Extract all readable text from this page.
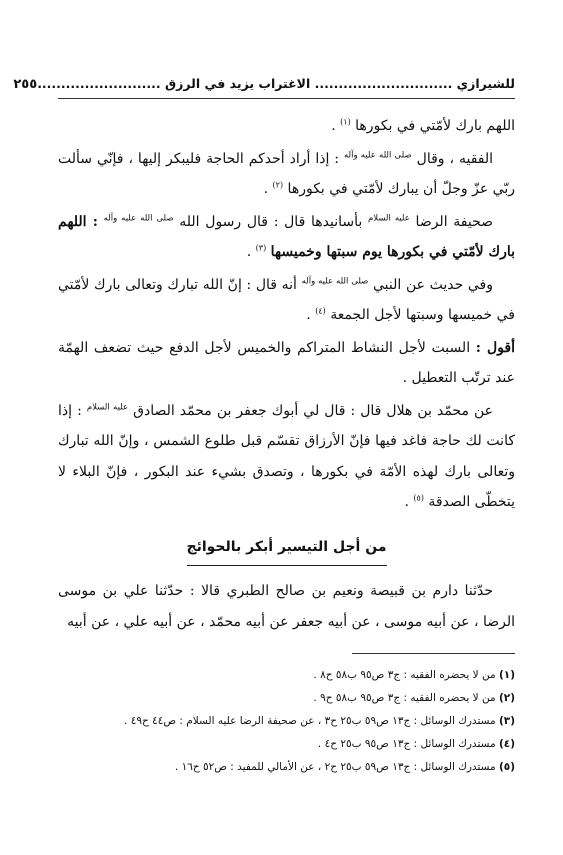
للشيرازي ............................. الاغتراب يزيد في الرزق ..........................
٢٥٥

اللهم بارك لأمّتي في بكورها $^{(١)}$ .

الفقيه ، وقال $^{صلى الله عليه وآله}$ : إذا أراد أحدكم الحاجة فليبكر إليها ، فإنّي سألت ربّي عزّ وجلّ أن يبارك لأمّتي في بكورها $^{(٢)}$ .

صحيفة الرضا $^{عليه السلام}$ بأسانيدها قال : قال رسول الله $^{صلى الله عليه وآله}$ : اللهم بارك لأمّتي في بكورها يوم سبتها وخميسها $^{(٣)}$ .

وفي حديث عن النبي $^{صلى الله عليه وآله}$ أنه قال : إنّ الله تبارك وتعالى بارك لأمّتي في خميسها وسبتها لأجل الجمعة $^{(٤)}$ .

أقول : السبت لأجل النشاط المتراكم والخميس لأجل الدفع حيث تضعف الهمّة عند ترتّب التعطيل .

عن محمّد بن هلال قال : قال لي أبوك جعفر بن محمّد الصادق $^{عليه السلام}$ : إذا كانت لك حاجة فاغد فيها فإنّ الأرزاق تقسّم قبل طلوع الشمس ، وإنّ الله تبارك وتعالى بارك لهذه الأمّة في بكورها ، وتصدق بشيء عند البكور ، فإنّ البلاء لا يتخطّى الصدقة $^{(٥)}$ .

من أجل التيسير أبكر بالحوائج

حدّثنا دارم بن قبيصة ونعيم بن صالح الطبري قالا : حدّثنا علي بن موسى الرضا ، عن أبيه موسى ، عن أبيه جعفر عن أبيه محمّد ، عن أبيه علي ، عن أبيه

(١) من لا يحضره الفقيه : ج٣ ص٩٥ ب٥٨ ح٨ .
(٢) من لا يحضره الفقيه : ج٣ ص٩٥ ب٥٨ ح٩ .
(٣) مستدرك الوسائل : ج١٣ ص٥٩ ب٢٥ ح٣ ، عن صحيفة الرضا عليه السلام : ص٤٤ ح٤٩ .
(٤) مستدرك الوسائل : ج١٣ ص٩٥ ب٢٥ ح٤ .
(٥) مستدرك الوسائل : ج١٣ ص٥٩ ب٢٥ ح٢ ، عن الأمالي للمفيد : ص٥٢ ح١٦ .
